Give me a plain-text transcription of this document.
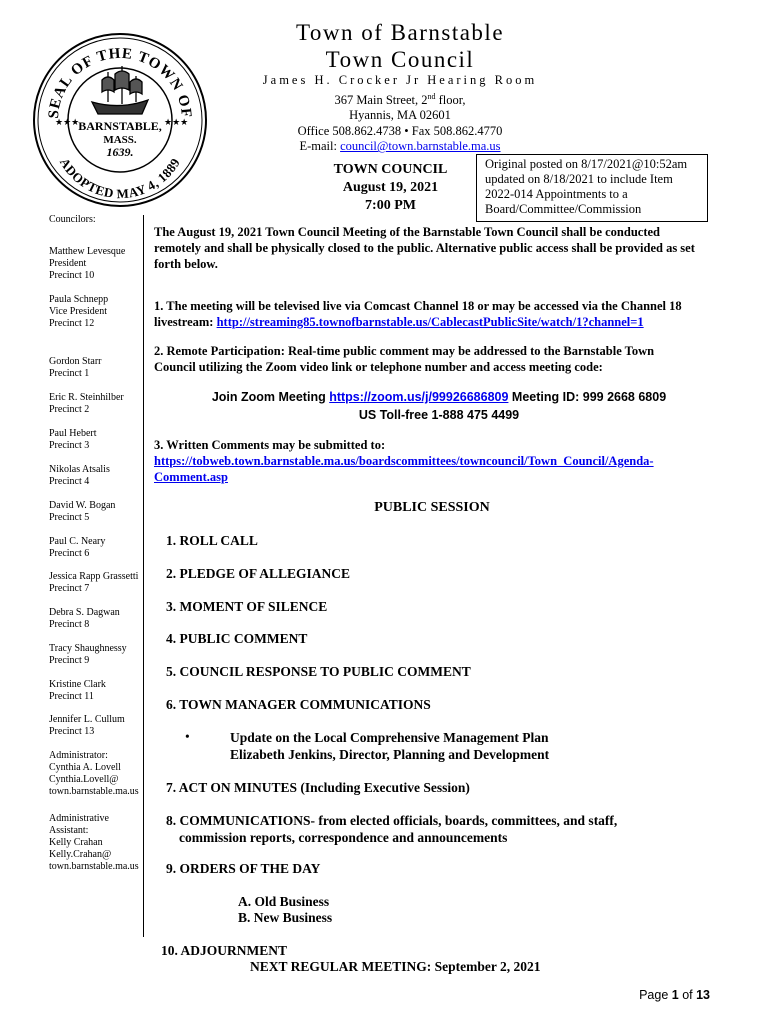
SEAL OF THE TOWN OF
ADOPTED MAY 4, 1889
★★★	★★★
BARNSTABLE,
MASS.
1639.
Town of Barnstable
Town Council
James H. Crocker Jr Hearing Room
367 Main Street, 2nd floor,
Hyannis, MA 02601
Office 508.862.4738 • Fax 508.862.4770
E-mail: council@town.barnstable.ma.us
TOWN COUNCIL
August 19, 2021
7:00 PM
Original posted on 8/17/2021@10:52am
updated on 8/18/2021 to include Item
2022-014 Appointments to a
Board/Committee/Commission
Councilors:
Matthew Levesque
President
Precinct 10
Paula Schnepp
Vice President
Precinct 12
Gordon Starr
Precinct 1
Eric R. Steinhilber
Precinct 2
Paul Hebert
Precinct 3
Nikolas Atsalis
Precinct 4
David W. Bogan
Precinct 5
Paul C. Neary
Precinct 6
Jessica Rapp Grassetti
Precinct 7
Debra S. Dagwan
Precinct 8
Tracy Shaughnessy
Precinct 9
Kristine Clark
Precinct 11
Jennifer L. Cullum
Precinct 13
Administrator:
Cynthia A. Lovell
Cynthia.Lovell@
town.barnstable.ma.us
Administrative
Assistant:
Kelly Crahan
Kelly.Crahan@
town.barnstable.ma.us
The August 19, 2021 Town Council Meeting of the Barnstable Town Council shall be conducted
remotely and shall be physically closed to the public. Alternative public access shall be provided as set
forth below.
1. The meeting will be televised live via Comcast Channel 18 or may be accessed via the Channel 18
livestream: http://streaming85.townofbarnstable.us/CablecastPublicSite/watch/1?channel=1
2. Remote Participation: Real-time public comment may be addressed to the Barnstable Town
Council utilizing the Zoom video link or telephone number and access meeting code:
Join Zoom Meeting https://zoom.us/j/99926686809 Meeting ID: 999 2668 6809
US Toll-free 1-888 475 4499
3. Written Comments may be submitted to:
https://tobweb.town.barnstable.ma.us/boardscommittees/towncouncil/Town_Council/Agenda-
Comment.asp
PUBLIC SESSION
1. ROLL CALL
2. PLEDGE OF ALLEGIANCE
3. MOMENT OF SILENCE
4. PUBLIC COMMENT
5. COUNCIL RESPONSE TO PUBLIC COMMENT
6. TOWN MANAGER COMMUNICATIONS
•	Update on the Local Comprehensive Management Plan
Elizabeth Jenkins, Director, Planning and Development
7. ACT ON MINUTES (Including Executive Session)
8. COMMUNICATIONS- from elected officials, boards, committees, and staff,
commission reports, correspondence and announcements
9. ORDERS OF THE DAY
A. Old Business
B. New Business
10. ADJOURNMENT
NEXT REGULAR MEETING: September 2, 2021
Page 1 of 13
